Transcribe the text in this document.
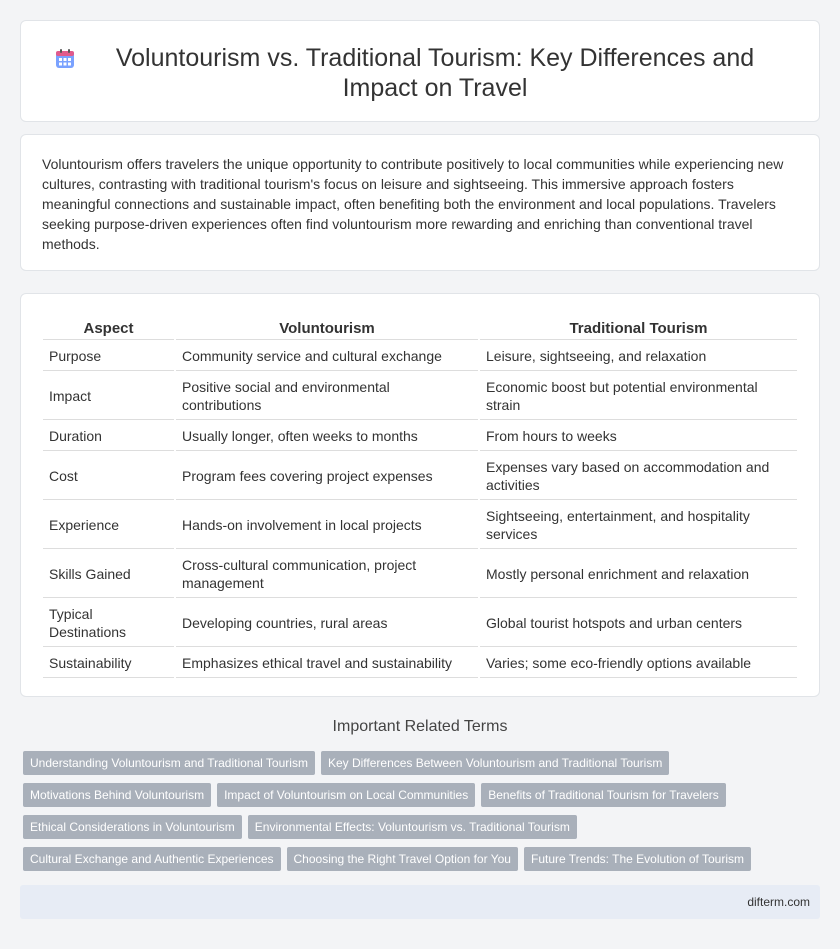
Voluntourism vs. Traditional Tourism: Key Differences and Impact on Travel

Voluntourism offers travelers the unique opportunity to contribute positively to local communities while experiencing new cultures, contrasting with traditional tourism's focus on leisure and sightseeing. This immersive approach fosters meaningful connections and sustainable impact, often benefiting both the environment and local populations. Travelers seeking purpose-driven experiences often find voluntourism more rewarding and enriching than conventional travel methods.

Aspect	Voluntourism	Traditional Tourism
Purpose	Community service and cultural exchange	Leisure, sightseeing, and relaxation
Impact	Positive social and environmental contributions	Economic boost but potential environmental strain
Duration	Usually longer, often weeks to months	From hours to weeks
Cost	Program fees covering project expenses	Expenses vary based on accommodation and activities
Experience	Hands-on involvement in local projects	Sightseeing, entertainment, and hospitality services
Skills Gained	Cross-cultural communication, project management	Mostly personal enrichment and relaxation
Typical Destinations	Developing countries, rural areas	Global tourist hotspots and urban centers
Sustainability	Emphasizes ethical travel and sustainability	Varies; some eco-friendly options available
Important Related Terms
Understanding Voluntourism and Traditional Tourism Key Differences Between Voluntourism and Traditional Tourism
Motivations Behind Voluntourism Impact of Voluntourism on Local Communities Benefits of Traditional Tourism for Travelers
Ethical Considerations in Voluntourism Environmental Effects: Voluntourism vs. Traditional Tourism
Cultural Exchange and Authentic Experiences Choosing the Right Travel Option for You Future Trends: The Evolution of Tourism
difterm.com
